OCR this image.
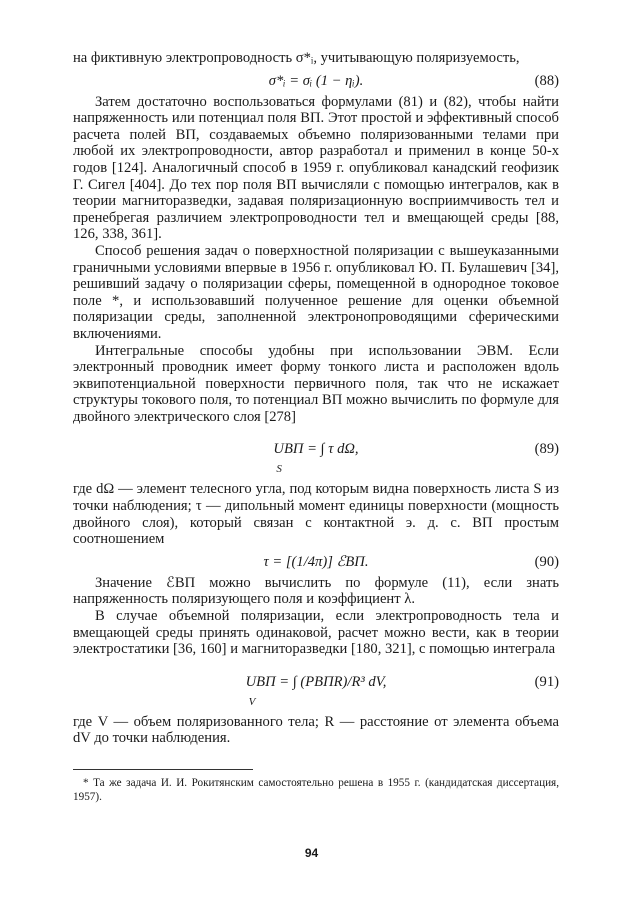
на фиктивную электропроводность σ*ᵢ, учитывающую поляризуемость,

σ*ᵢ = σᵢ (1 − ηᵢ).	(88)

Затем достаточно воспользоваться формулами (81) и (82), чтобы найти напряженность или потенциал поля ВП. Этот простой и эффективный способ расчета полей ВП, создаваемых объемно поляризованными телами при любой их электропроводности, автор разработал и применил в конце 50-х годов [124]. Аналогичный способ в 1959 г. опубликовал канадский геофизик Г. Сигел [404]. До тех пор поля ВП вычисляли с помощью интегралов, как в теории магниторазведки, задавая поляризационную восприимчивость тел и пренебрегая различием электропроводности тел и вмещающей среды [88, 126, 338, 361].

Способ решения задач о поверхностной поляризации с вышеуказанными граничными условиями впервые в 1956 г. опубликовал Ю. П. Булашевич [34], решивший задачу о поляризации сферы, помещенной в однородное токовое поле *, и использовавший полученное решение для оценки объемной поляризации среды, заполненной электронопроводящими сферическими включениями.

Интегральные способы удобны при использовании ЭВМ. Если электронный проводник имеет форму тонкого листа и расположен вдоль эквипотенциальной поверхности первичного поля, так что не искажает структуры токового поля, то потенциал ВП можно вычислить по формуле для двойного электрического слоя [278]

UВП = ∫ τ dΩ,
S
(89)

где dΩ — элемент телесного угла, под которым видна поверхность листа S из точки наблюдения; τ — дипольный момент единицы поверхности (мощность двойного слоя), который связан с контактной э. д. с. ВП простым соотношением

τ = [(1/4π)] ℰВП.	(90)

Значение ℰВП можно вычислить по формуле (11), если знать напряженность поляризующего поля и коэффициент λ.

В случае объемной поляризации, если электропроводность тела и вмещающей среды принять одинаковой, расчет можно вести, как в теории электростатики [36, 160] и магниторазведки [180, 321], с помощью интеграла

UВП = ∫ (PВПR)/R³ dV,
V
(91)

где V — объем поляризованного тела; R — расстояние от элемента объема dV до точки наблюдения.

* Та же задача И. И. Рокитянским самостоятельно решена в 1955 г. (кандидатская диссертация, 1957).

94
